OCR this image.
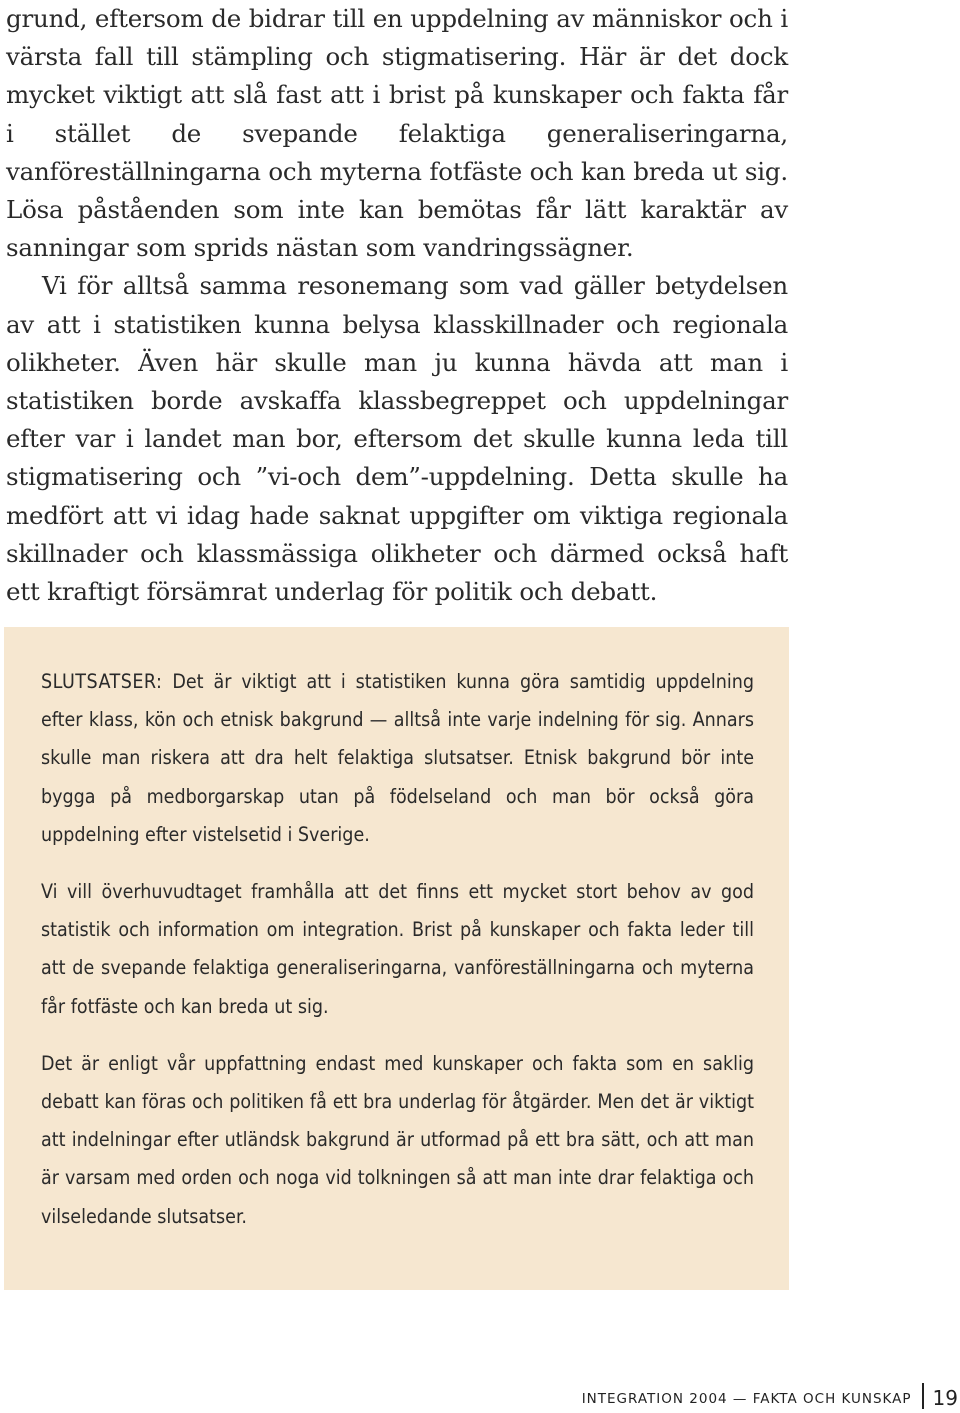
grund, eftersom de bidrar till en uppdelning av människor och i värsta fall till stämpling och stigmatisering. Här är det dock mycket viktigt att slå fast att i brist på kunskaper och fakta får i stället de svepande felaktiga generaliseringarna, vanföreställningarna och myterna fotfäste och kan breda ut sig. Lösa påståenden som inte kan bemötas får lätt karaktär av sanningar som sprids nästan som vandringssägner.

Vi för alltså samma resonemang som vad gäller betydelsen av att i statistiken kunna belysa klasskillnader och regionala olikheter. Även här skulle man ju kunna hävda att man i statistiken borde avskaffa klassbegreppet och uppdelningar efter var i landet man bor, eftersom det skulle kunna leda till stigmatisering och ”vi-och dem”-uppdelning. Detta skulle ha medfört att vi idag hade saknat uppgifter om viktiga regionala skillnader och klassmässiga olikheter och därmed också haft ett kraftigt försämrat underlag för politik och debatt.

SLUTSATSER: Det är viktigt att i statistiken kunna göra samtidig uppdelning efter klass, kön och etnisk bakgrund — alltså inte varje indelning för sig. Annars skulle man riskera att dra helt felaktiga slutsatser. Etnisk bakgrund bör inte bygga på medborgarskap utan på födelseland och man bör också göra uppdelning efter vistelsetid i Sverige.

Vi vill överhuvudtaget framhålla att det finns ett mycket stort behov av god statistik och information om integration. Brist på kunskaper och fakta leder till att de svepande felaktiga generaliseringarna, vanföreställningarna och myterna får fotfäste och kan breda ut sig.

Det är enligt vår uppfattning endast med kunskaper och fakta som en saklig debatt kan föras och politiken få ett bra underlag för åtgärder. Men det är viktigt att indelningar efter utländsk bakgrund är utformad på ett bra sätt, och att man är varsam med orden och noga vid tolkningen så att man inte drar felaktiga och vilseledande slutsatser.

INTEGRATION 2004 — FAKTA OCH KUNSKAP 19
